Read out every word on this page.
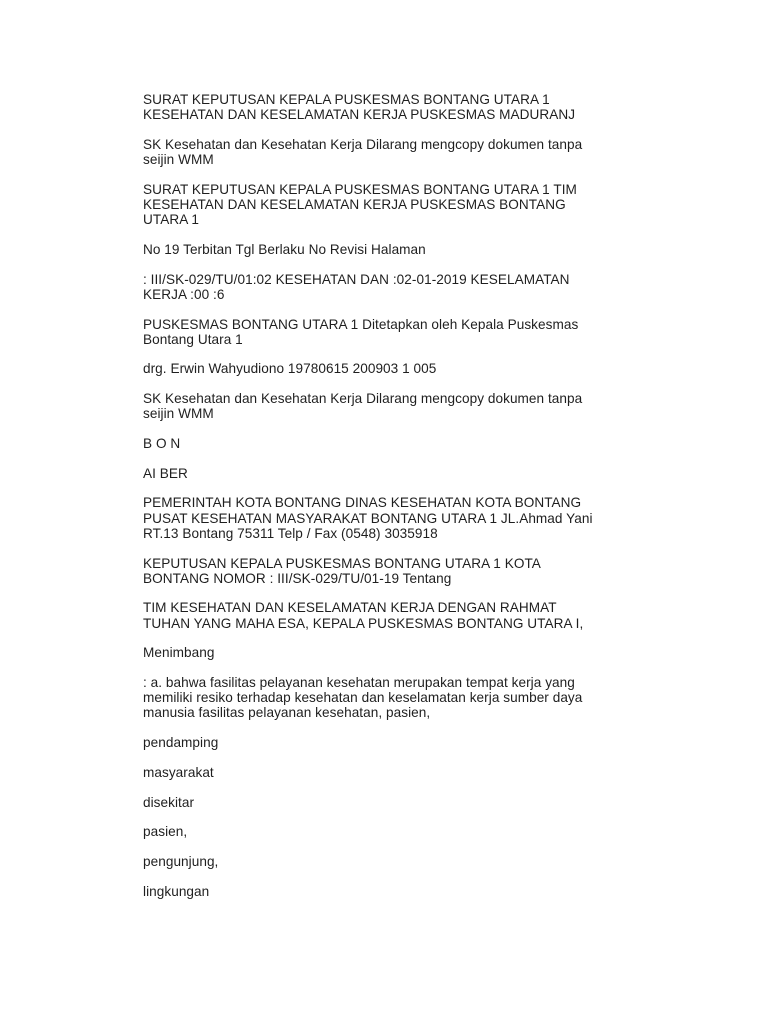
SURAT KEPUTUSAN KEPALA PUSKESMAS BONTANG UTARA 1
KESEHATAN DAN KESELAMATAN KERJA PUSKESMAS MADURANJ

SK Kesehatan dan Kesehatan Kerja Dilarang mengcopy dokumen tanpa
seijin WMM

SURAT KEPUTUSAN KEPALA PUSKESMAS BONTANG UTARA 1 TIM
KESEHATAN DAN KESELAMATAN KERJA PUSKESMAS BONTANG
UTARA 1

No 19 Terbitan Tgl Berlaku No Revisi Halaman

: III/SK-029/TU/01:02 KESEHATAN DAN :02-01-2019 KESELAMATAN
KERJA :00 :6

PUSKESMAS BONTANG UTARA 1 Ditetapkan oleh Kepala Puskesmas
Bontang Utara 1

drg. Erwin Wahyudiono 19780615 200903 1 005

SK Kesehatan dan Kesehatan Kerja Dilarang mengcopy dokumen tanpa
seijin WMM

B O N

AI BER

PEMERINTAH KOTA BONTANG DINAS KESEHATAN KOTA BONTANG
PUSAT KESEHATAN MASYARAKAT BONTANG UTARA 1 JL.Ahmad Yani
RT.13 Bontang 75311 Telp / Fax (0548) 3035918

KEPUTUSAN KEPALA PUSKESMAS BONTANG UTARA 1 KOTA
BONTANG NOMOR : III/SK-029/TU/01-19 Tentang

TIM KESEHATAN DAN KESELAMATAN KERJA DENGAN RAHMAT
TUHAN YANG MAHA ESA, KEPALA PUSKESMAS BONTANG UTARA I,

Menimbang

: a. bahwa fasilitas pelayanan kesehatan merupakan tempat kerja yang
memiliki resiko terhadap kesehatan dan keselamatan kerja sumber daya
manusia fasilitas pelayanan kesehatan, pasien,

pendamping

masyarakat

disekitar

pasien,

pengunjung,

lingkungan
